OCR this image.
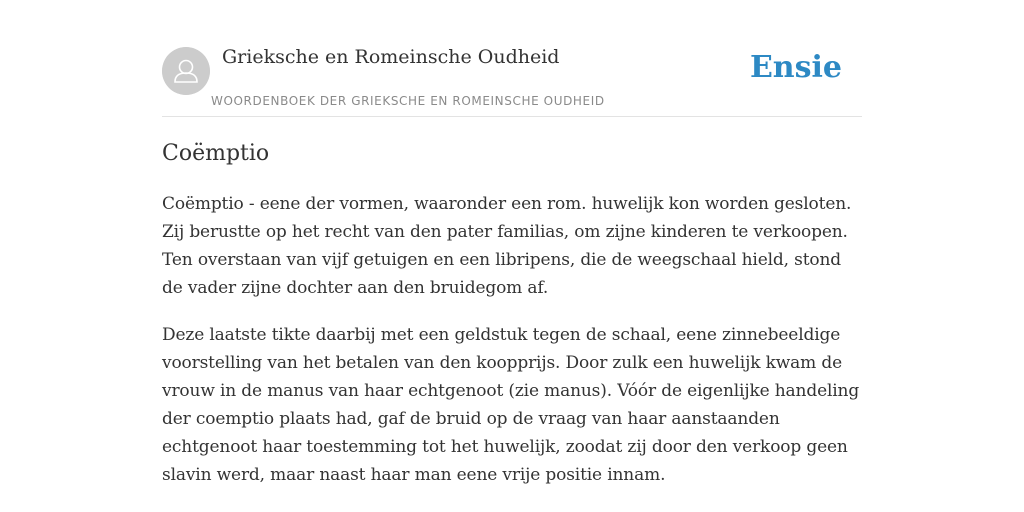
Grieksche en Romeinsche Oudheid
WOORDENBOEK DER GRIEKSCHE EN ROMEINSCHE OUDHEID
Ensie
Coëmptio

Coëmptio - eene der vormen, waaronder een rom. huwelijk kon worden gesloten. Zij berustte op het recht van den pater familias, om zijne kinderen te verkoopen. Ten overstaan van vijf getuigen en een libripens, die de weegschaal hield, stond de vader zijne dochter aan den bruidegom af.

Deze laatste tikte daarbij met een geldstuk tegen de schaal, eene zinnebeeldige voorstelling van het betalen van den koopprijs. Door zulk een huwelijk kwam de vrouw in de manus van haar echtgenoot (zie manus). Vóór de eigenlijke handeling der coemptio plaats had, gaf de bruid op de vraag van haar aanstaanden echtgenoot haar toestemming tot het huwelijk, zoodat zij door den verkoop geen slavin werd, maar naast haar man eene vrije positie innam.
